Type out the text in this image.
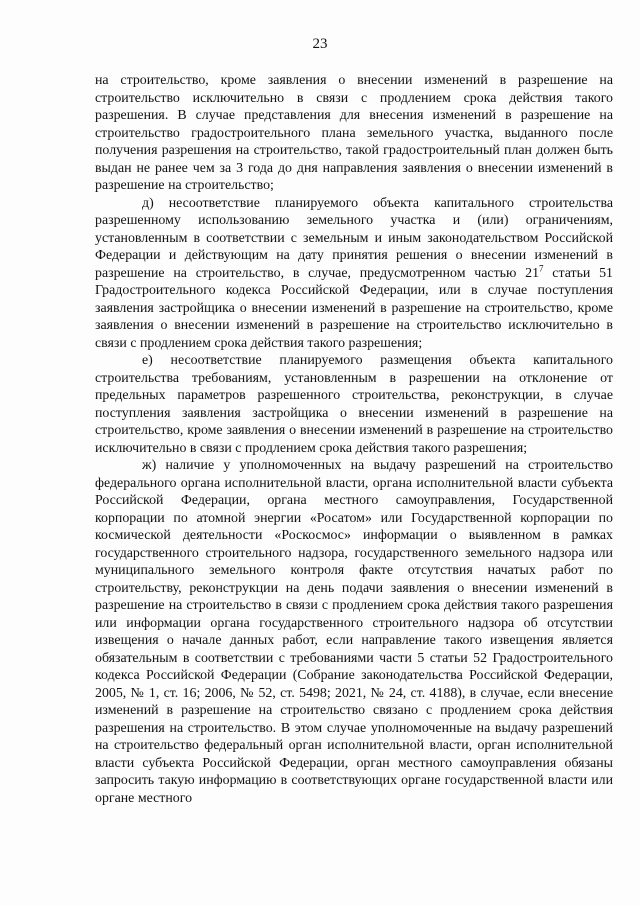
23

на строительство, кроме заявления о внесении изменений в разрешение на строительство исключительно в связи с продлением срока действия такого разрешения. В случае представления для внесения изменений в разрешение на строительство градостроительного плана земельного участка, выданного после получения разрешения на строительство, такой градостроительный план должен быть выдан не ранее чем за 3 года до дня направления заявления о внесении изменений в разрешение на строительство;

д) несоответствие планируемого объекта капитального строительства разрешенному использованию земельного участка и (или) ограничениям, установленным в соответствии с земельным и иным законодательством Российской Федерации и действующим на дату принятия решения о внесении изменений в разрешение на строительство, в случае, предусмотренном частью $21^7$ статьи 51 Градостроительного кодекса Российской Федерации, или в случае поступления заявления застройщика о внесении изменений в разрешение на строительство, кроме заявления о внесении изменений в разрешение на строительство исключительно в связи с продлением срока действия такого разрешения;

е) несоответствие планируемого размещения объекта капитального строительства требованиям, установленным в разрешении на отклонение от предельных параметров разрешенного строительства, реконструкции, в случае поступления заявления застройщика о внесении изменений в разрешение на строительство, кроме заявления о внесении изменений в разрешение на строительство исключительно в связи с продлением срока действия такого разрешения;

ж) наличие у уполномоченных на выдачу разрешений на строительство федерального органа исполнительной власти, органа исполнительной власти субъекта Российской Федерации, органа местного самоуправления, Государственной корпорации по атомной энергии «Росатом» или Государственной корпорации по космической деятельности «Роскосмос» информации о выявленном в рамках государственного строительного надзора, государственного земельного надзора или муниципального земельного контроля факте отсутствия начатых работ по строительству, реконструкции на день подачи заявления о внесении изменений в разрешение на строительство в связи с продлением срока действия такого разрешения или информации органа государственного строительного надзора об отсутствии извещения о начале данных работ, если направление такого извещения является обязательным в соответствии с требованиями части 5 статьи 52 Градостроительного кодекса Российской Федерации (Собрание законодательства Российской Федерации, 2005, № 1, ст. 16; 2006, № 52, ст. 5498; 2021, № 24, ст. 4188), в случае, если внесение изменений в разрешение на строительство связано с продлением срока действия разрешения на строительство. В этом случае уполномоченные на выдачу разрешений на строительство федеральный орган исполнительной власти, орган исполнительной власти субъекта Российской Федерации, орган местного самоуправления обязаны запросить такую информацию в соответствующих органе государственной власти или органе местного
